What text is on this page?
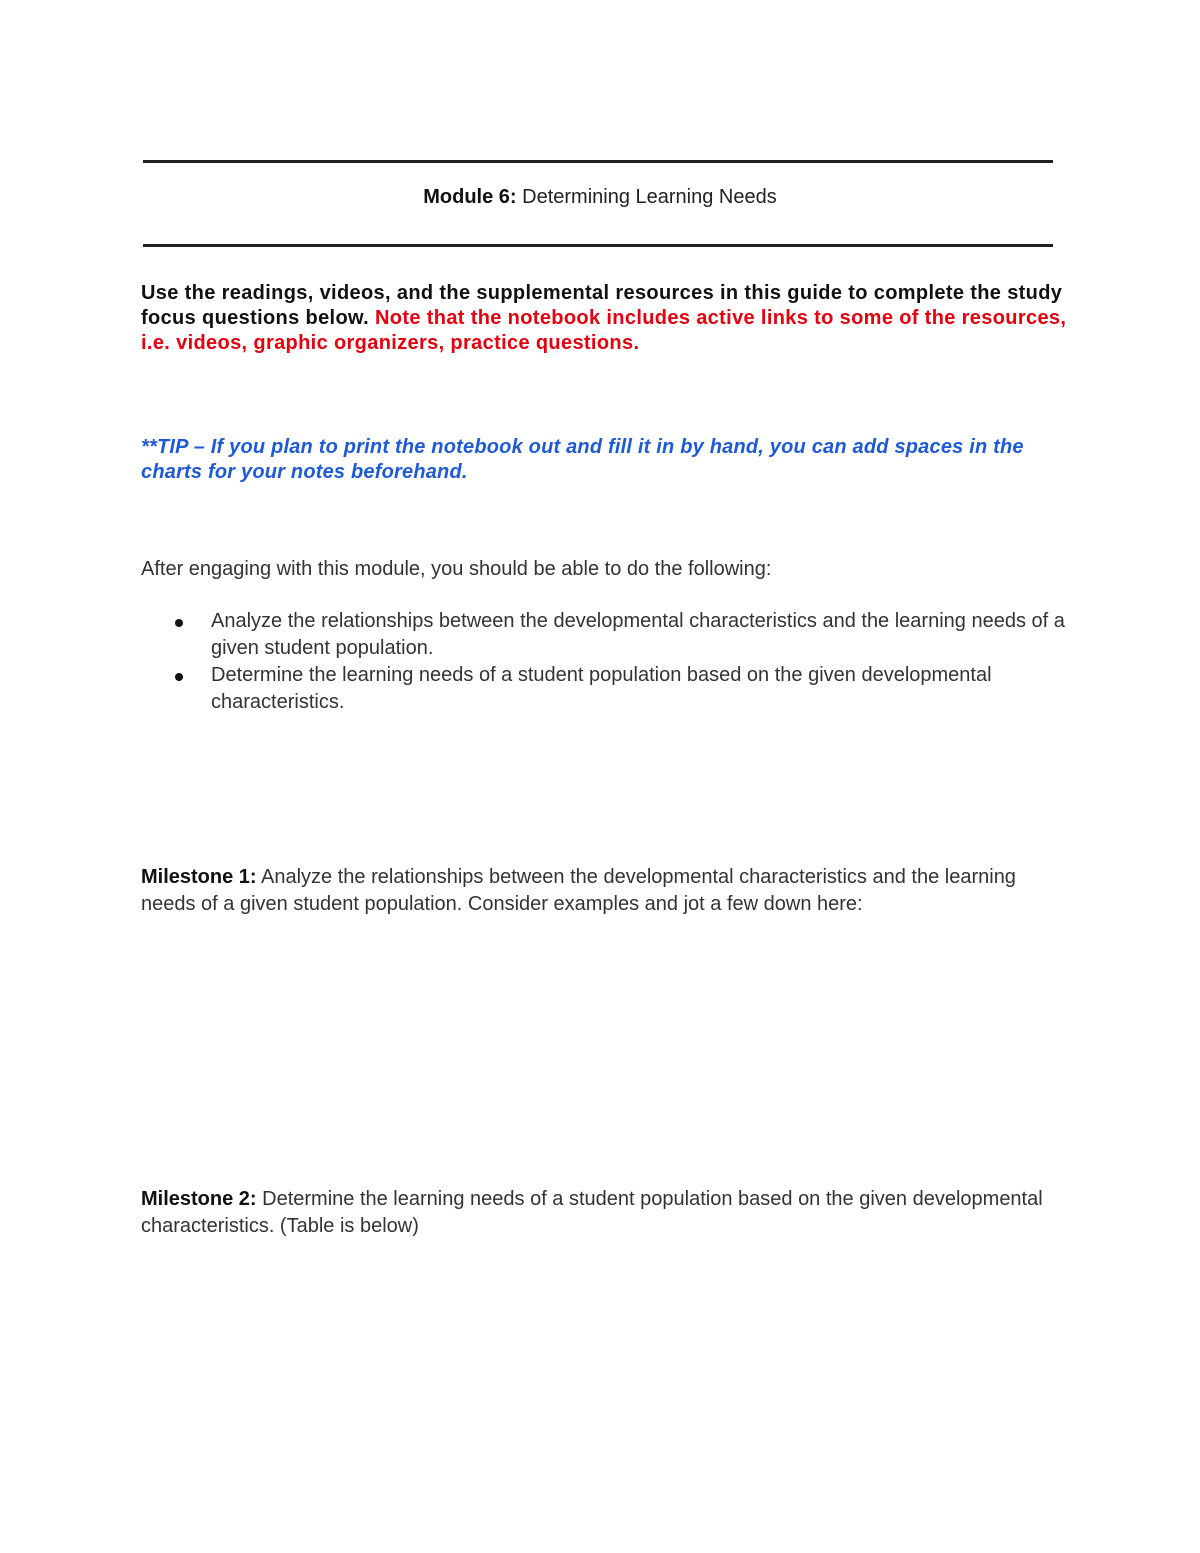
Module 6: Determining Learning Needs
Use the readings, videos, and the supplemental resources in this guide to complete the study focus questions below. Note that the notebook includes active links to some of the resources, i.e. videos, graphic organizers, practice questions.
**TIP – If you plan to print the notebook out and fill it in by hand, you can add spaces in the charts for your notes beforehand.
After engaging with this module, you should be able to do the following:
Analyze the relationships between the developmental characteristics and the learning needs of a given student population.
Determine the learning needs of a student population based on the given developmental characteristics.
Milestone 1: Analyze the relationships between the developmental characteristics and the learning needs of a given student population. Consider examples and jot a few down here:
Milestone 2: Determine the learning needs of a student population based on the given developmental characteristics. (Table is below)
